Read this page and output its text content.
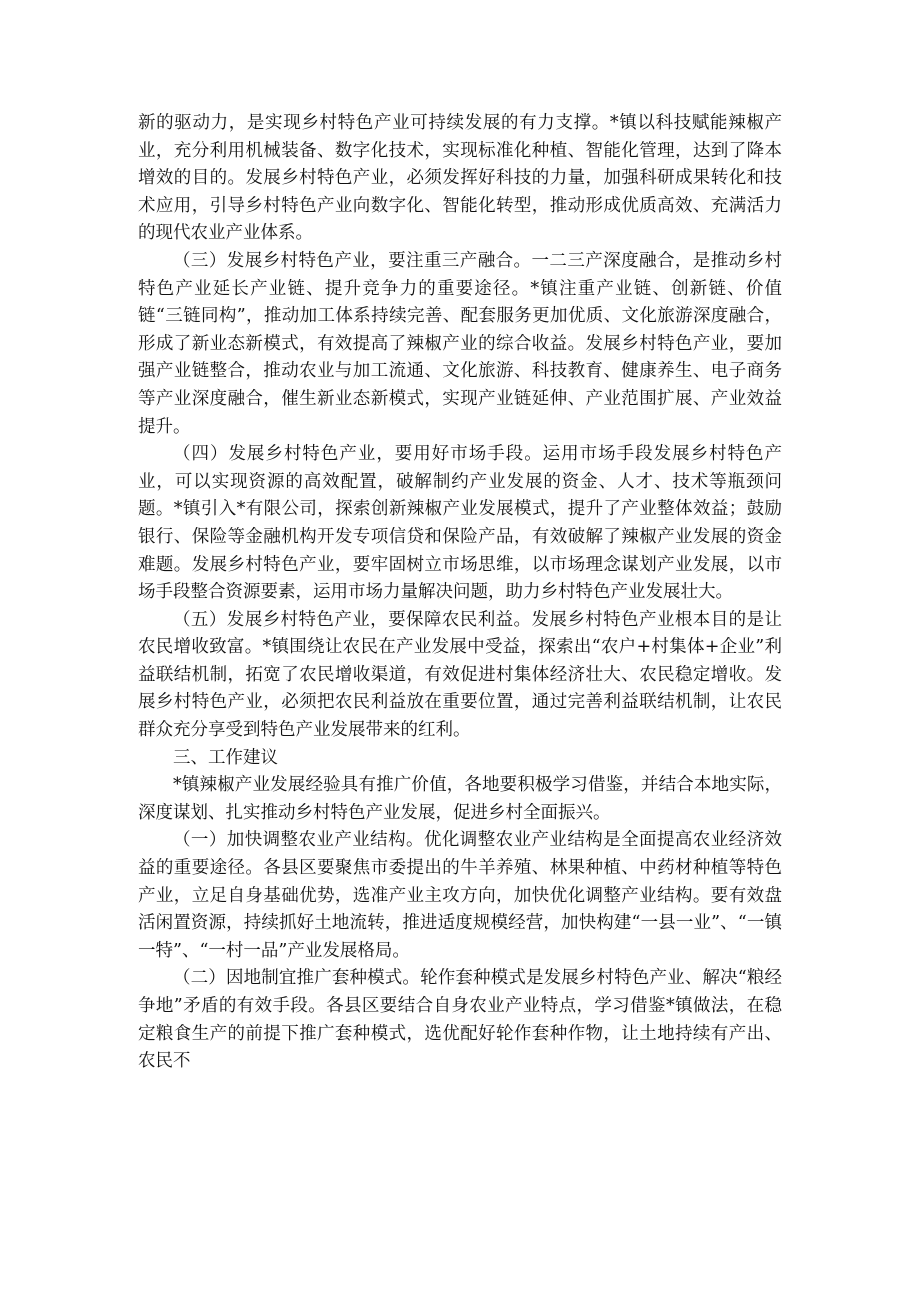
新的驱动力，是实现乡村特色产业可持续发展的有力支撑。*镇以科技赋能辣椒产业，充分利用机械装备、数字化技术，实现标准化种植、智能化管理，达到了降本增效的目的。发展乡村特色产业，必须发挥好科技的力量，加强科研成果转化和技术应用，引导乡村特色产业向数字化、智能化转型，推动形成优质高效、充满活力的现代农业产业体系。

（三）发展乡村特色产业，要注重三产融合。一二三产深度融合，是推动乡村特色产业延长产业链、提升竞争力的重要途径。*镇注重产业链、创新链、价值链“三链同构”，推动加工体系持续完善、配套服务更加优质、文化旅游深度融合，形成了新业态新模式，有效提高了辣椒产业的综合收益。发展乡村特色产业，要加强产业链整合，推动农业与加工流通、文化旅游、科技教育、健康养生、电子商务等产业深度融合，催生新业态新模式，实现产业链延伸、产业范围扩展、产业效益提升。

（四）发展乡村特色产业，要用好市场手段。运用市场手段发展乡村特色产业，可以实现资源的高效配置，破解制约产业发展的资金、人才、技术等瓶颈问题。*镇引入*有限公司，探索创新辣椒产业发展模式，提升了产业整体效益；鼓励银行、保险等金融机构开发专项信贷和保险产品，有效破解了辣椒产业发展的资金难题。发展乡村特色产业，要牢固树立市场思维，以市场理念谋划产业发展，以市场手段整合资源要素，运用市场力量解决问题，助力乡村特色产业发展壮大。

（五）发展乡村特色产业，要保障农民利益。发展乡村特色产业根本目的是让农民增收致富。*镇围绕让农民在产业发展中受益，探索出“农户+村集体+企业”利益联结机制，拓宽了农民增收渠道，有效促进村集体经济壮大、农民稳定增收。发展乡村特色产业，必须把农民利益放在重要位置，通过完善利益联结机制，让农民群众充分享受到特色产业发展带来的红利。

三、工作建议

*镇辣椒产业发展经验具有推广价值，各地要积极学习借鉴，并结合本地实际，深度谋划、扎实推动乡村特色产业发展，促进乡村全面振兴。

（一）加快调整农业产业结构。优化调整农业产业结构是全面提高农业经济效益的重要途径。各县区要聚焦市委提出的牛羊养殖、林果种植、中药材种植等特色产业，立足自身基础优势，选准产业主攻方向，加快优化调整产业结构。要有效盘活闲置资源，持续抓好土地流转，推进适度规模经营，加快构建“一县一业”、“一镇一特”、“一村一品”产业发展格局。

（二）因地制宜推广套种模式。轮作套种模式是发展乡村特色产业、解决“粮经争地”矛盾的有效手段。各县区要结合自身农业产业特点，学习借鉴*镇做法，在稳定粮食生产的前提下推广套种模式，选优配好轮作套种作物，让土地持续有产出、农民不
